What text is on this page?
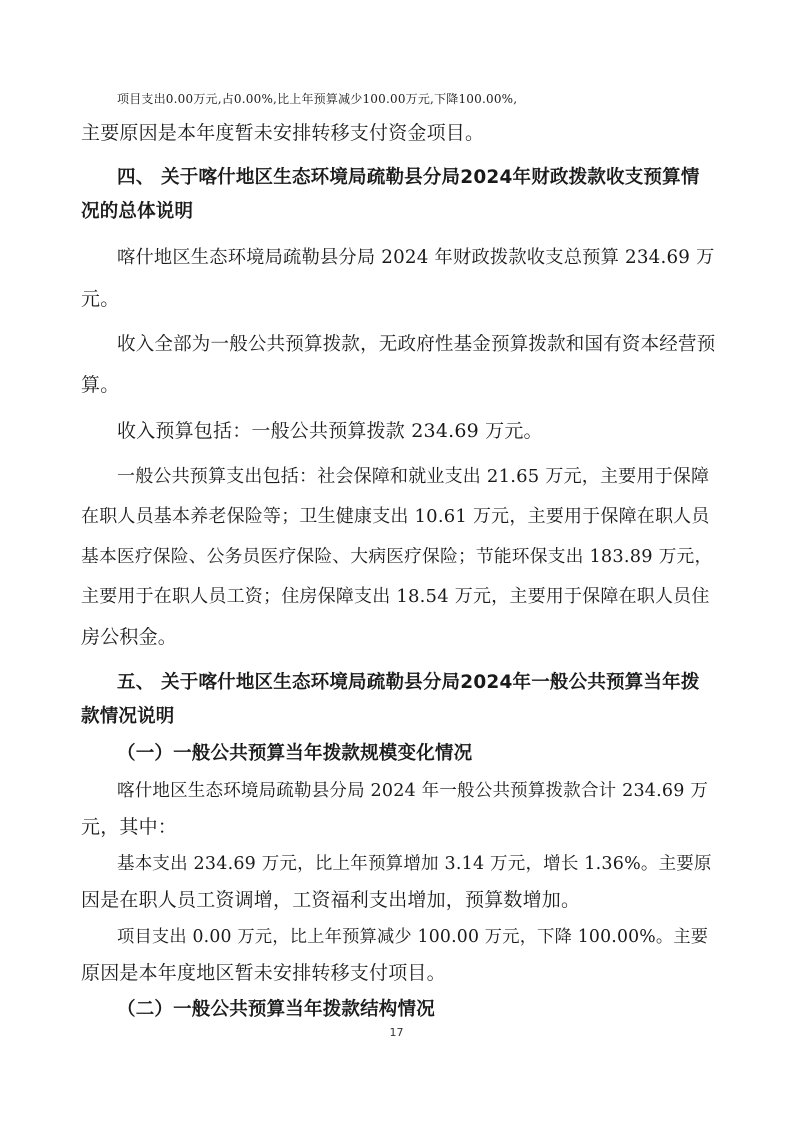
项目支出0.00万元,占0.00%,比上年预算减少100.00万元,下降100.00%,
主要原因是本年度暂未安排转移支付资金项目。
四、 关于喀什地区生态环境局疏勒县分局2024年财政拨款收支预算情
况的总体说明
喀什地区生态环境局疏勒县分局 2024 年财政拨款收支总预算 234.69 万
元。
收入全部为一般公共预算拨款，无政府性基金预算拨款和国有资本经营预
算。
收入预算包括：一般公共预算拨款 234.69 万元。
一般公共预算支出包括：社会保障和就业支出 21.65 万元，主要用于保障
在职人员基本养老保险等；卫生健康支出 10.61 万元，主要用于保障在职人员
基本医疗保险、公务员医疗保险、大病医疗保险；节能环保支出 183.89 万元，
主要用于在职人员工资；住房保障支出 18.54 万元，主要用于保障在职人员住
房公积金。
五、 关于喀什地区生态环境局疏勒县分局2024年一般公共预算当年拨
款情况说明
（一）一般公共预算当年拨款规模变化情况
喀什地区生态环境局疏勒县分局 2024 年一般公共预算拨款合计 234.69 万
元，其中：
基本支出 234.69 万元，比上年预算增加 3.14 万元，增长 1.36%。主要原
因是在职人员工资调增，工资福利支出增加，预算数增加。
项目支出 0.00 万元，比上年预算减少 100.00 万元，下降 100.00%。主要
原因是本年度地区暂未安排转移支付项目。
（二）一般公共预算当年拨款结构情况
17
